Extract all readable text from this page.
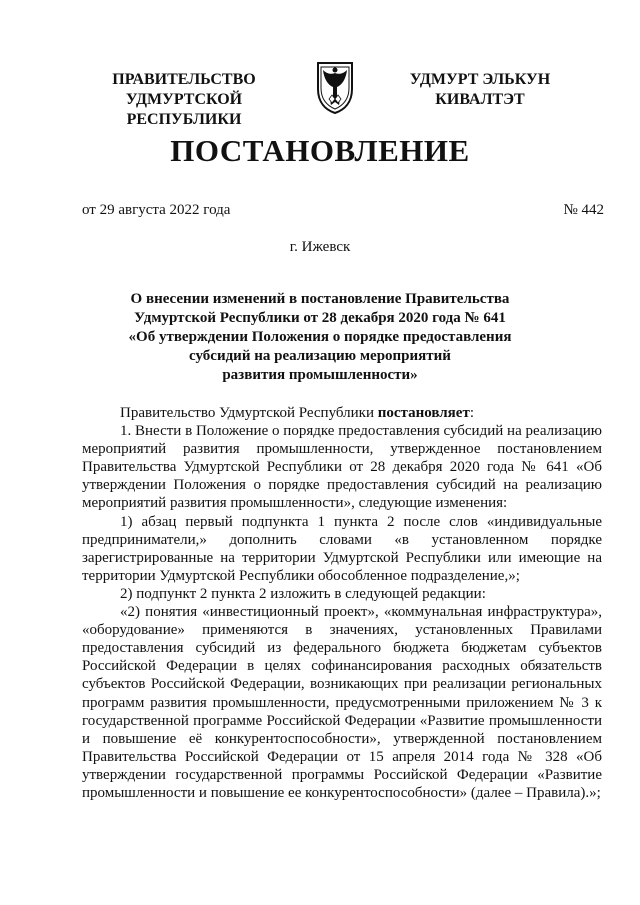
ПРАВИТЕЛЬСТВО
УДМУРТСКОЙ РЕСПУБЛИКИ
УДМУРТ ЭЛЬКУН
КИВАЛТЭТ
ПОСТАНОВЛЕНИЕ
от 29 августа 2022 года	№ 442
г. Ижевск
О внесении изменений в постановление Правительства
Удмуртской Республики от 28 декабря 2020 года № 641
«Об утверждении Положения о порядке предоставления
субсидий на реализацию мероприятий
развития промышленности»

Правительство Удмуртской Республики постановляет:

1. Внести в Положение о порядке предоставления субсидий на реализацию мероприятий развития промышленности, утвержденное постановлением Правительства Удмуртской Республики от 28 декабря 2020 года № 641 «Об утверждении Положения о порядке предоставления субсидий на реализацию мероприятий развития промышленности», следующие изменения:

1) абзац первый подпункта 1 пункта 2 после слов «индивидуальные предприниматели,» дополнить словами «в установленном порядке зарегистрированные на территории Удмуртской Республики или имеющие на территории Удмуртской Республики обособленное подразделение,»;

2) подпункт 2 пункта 2 изложить в следующей редакции:

«2) понятия «инвестиционный проект», «коммунальная инфраструктура», «оборудование» применяются в значениях, установленных Правилами предоставления субсидий из федерального бюджета бюджетам субъектов Российской Федерации в целях софинансирования расходных обязательств субъектов Российской Федерации, возникающих при реализации региональных программ развития промышленности, предусмотренными приложением № 3 к государственной программе Российской Федерации «Развитие промышленности и повышение её конкурентоспособности», утвержденной постановлением Правительства Российской Федерации от 15 апреля 2014 года № 328 «Об утверждении государственной программы Российской Федерации «Развитие промышленности и повышение ее конкурентоспособности» (далее – Правила).»;
